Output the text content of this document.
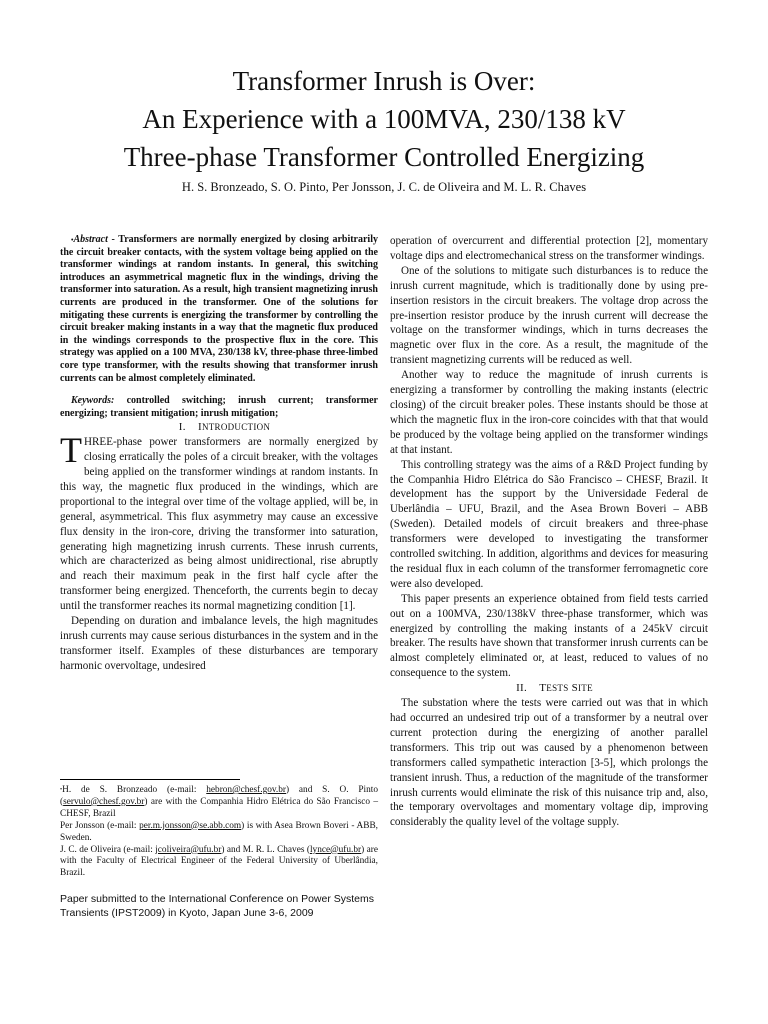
Transformer Inrush is Over:
An Experience with a 100MVA, 230/138 kV
Three-phase Transformer Controlled Energizing
H. S. Bronzeado, S. O. Pinto, Per Jonsson, J. C. de Oliveira and M. L. R. Chaves

•Abstract - Transformers are normally energized by closing arbitrarily the circuit breaker contacts, with the system voltage being applied on the transformer windings at random instants. In general, this switching introduces an asymmetrical magnetic flux in the windings, driving the transformer into saturation. As a result, high transient magnetizing inrush currents are produced in the transformer. One of the solutions for mitigating these currents is energizing the transformer by controlling the circuit breaker making instants in a way that the magnetic flux produced in the windings corresponds to the prospective flux in the core. This strategy was applied on a 100 MVA, 230/138 kV, three-phase three-limbed core type transformer, with the results showing that transformer inrush currents can be almost completely eliminated.

Keywords: controlled switching; inrush current; transformer energizing; transient mitigation; inrush mitigation;

I. INTRODUCTION

THREE-phase power transformers are normally energized by closing erratically the poles of a circuit breaker, with the voltages being applied on the transformer windings at random instants. In this way, the magnetic flux produced in the windings, which are proportional to the integral over time of the voltage applied, will be, in general, asymmetrical. This flux asymmetry may cause an excessive flux density in the iron-core, driving the transformer into saturation, generating high magnetizing inrush currents. These inrush currents, which are characterized as being almost unidirectional, rise abruptly and reach their maximum peak in the first half cycle after the transformer being energized. Thenceforth, the currents begin to decay until the transformer reaches its normal magnetizing condition [1].

Depending on duration and imbalance levels, the high magnitudes inrush currents may cause serious disturbances in the system and in the transformer itself. Examples of these disturbances are temporary harmonic overvoltage, undesired

operation of overcurrent and differential protection [2], momentary voltage dips and electromechanical stress on the transformer windings.

One of the solutions to mitigate such disturbances is to reduce the inrush current magnitude, which is traditionally done by using pre-insertion resistors in the circuit breakers. The voltage drop across the pre-insertion resistor produce by the inrush current will decrease the voltage on the transformer windings, which in turns decreases the magnetic over flux in the core. As a result, the magnitude of the transient magnetizing currents will be reduced as well.

Another way to reduce the magnitude of inrush currents is energizing a transformer by controlling the making instants (electric closing) of the circuit breaker poles. These instants should be those at which the magnetic flux in the iron-core coincides with that that would be produced by the voltage being applied on the transformer windings at that instant.

This controlling strategy was the aims of a R&D Project funding by the Companhia Hidro Elétrica do São Francisco – CHESF, Brazil. It development has the support by the Universidade Federal de Uberlândia – UFU, Brazil, and the Asea Brown Boveri – ABB (Sweden). Detailed models of circuit breakers and three-phase transformers were developed to investigating the transformer controlled switching. In addition, algorithms and devices for measuring the residual flux in each column of the transformer ferromagnetic core were also developed.

This paper presents an experience obtained from field tests carried out on a 100MVA, 230/138kV three-phase transformer, which was energized by controlling the making instants of a 245kV circuit breaker. The results have shown that transformer inrush currents can be almost completely eliminated or, at least, reduced to values of no consequence to the system.

II. TESTS SITE

The substation where the tests were carried out was that in which had occurred an undesired trip out of a transformer by a neutral over current protection during the energizing of another parallel transformers. This trip out was caused by a phenomenon between transformers called sympathetic interaction [3-5], which prolongs the transient inrush. Thus, a reduction of the magnitude of the transformer inrush currents would eliminate the risk of this nuisance trip and, also, the temporary overvoltages and momentary voltage dip, improving considerably the quality level of the voltage supply.

•H. de S. Bronzeado (e-mail: hebron@chesf.gov.br) and S. O. Pinto (servulo@chesf.gov.br) are with the Companhia Hidro Elétrica do São Francisco – CHESF, Brazil

Per Jonsson (e-mail: per.m.jonsson@se.abb.com) is with Asea Brown Boveri - ABB, Sweden.

J. C. de Oliveira (e-mail: jcoliveira@ufu.br) and M. R. L. Chaves (lynce@ufu.br) are with the Faculty of Electrical Engineer of the Federal University of Uberlândia, Brazil.

Paper submitted to the International Conference on Power Systems Transients (IPST2009) in Kyoto, Japan June 3-6, 2009
